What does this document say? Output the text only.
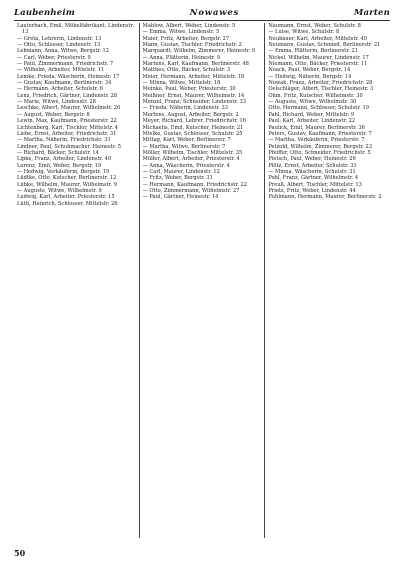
Laubenheim	Nowawes	Marten
Lauterbach, Emil, Möbelfabrikant, Lindenstr. 13
— Greta, Lehrerin, Lindenstr. 13
— Otto, Schlosser, Lindenstr. 13
Lehmann, Anna, Witwe, Bergstr. 12
— Carl, Weber, Priesterstr. 9
— Paul, Zimmermann, Friedrichstr. 7
— Wilhelm, Arbeiter, Mittelstr. 11
Lemke, Frieda, Wäscherin, Heinestr. 17
— Gustav, Kaufmann, Berlinerstr. 34
— Hermann, Arbeiter, Schulstr. 6
Lenz, Friedrich, Gärtner, Lindenstr. 28
— Marie, Witwe, Lindenstr. 28
Leschke, Albert, Maurer, Wilhelmstr. 20
— August, Weber, Bergstr. 8
Lewin, Max, Kaufmann, Priesterstr. 22
Lichtenberg, Karl, Tischler, Mittelstr. 4
Liebe, Ernst, Arbeiter, Friedrichstr. 31
— Martha, Näherin, Friedrichstr. 31
Lindner, Paul, Schuhmacher, Heinestr. 5
— Richard, Bäcker, Schulstr. 14
Lipke, Franz, Arbeiter, Lindenstr. 40
Lorenz, Emil, Weber, Bergstr. 19
— Hedwig, Verkäuferin, Bergstr. 19
Lüdtke, Otto, Kutscher, Berlinerstr. 12
Lübke, Wilhelm, Maurer, Wilhelmstr. 9
— Auguste, Witwe, Wilhelmstr. 9
Ludwig, Karl, Arbeiter, Priesterstr. 15
Lüth, Heinrich, Schlosser, Mittelstr. 26
Mahlow, Albert, Weber, Lindenstr. 5
— Emma, Witwe, Lindenstr. 5
Maier, Fritz, Arbeiter, Bergstr. 27
Mann, Gustav, Tischler, Friedrichstr. 2
Marquardt, Wilhelm, Zimmerer, Heinestr. 9
— Anna, Plätterin, Heinestr. 9
Martens, Karl, Kaufmann, Berlinerstr. 48
Matthes, Otto, Bäcker, Schulstr. 3
Meier, Hermann, Arbeiter, Mittelstr. 18
— Minna, Witwe, Mittelstr. 18
Meinke, Paul, Weber, Priesterstr. 30
Meißner, Ernst, Maurer, Wilhelmstr. 14
Menzel, Franz, Schneider, Lindenstr. 33
— Frieda, Näherin, Lindenstr. 33
Mertens, August, Arbeiter, Bergstr. 2
Meyer, Richard, Lehrer, Friedrichstr. 16
Michaelis, Emil, Kutscher, Heinestr. 21
Mielke, Gustav, Schlosser, Schulstr. 25
Mittag, Karl, Weber, Berlinerstr. 7
— Martha, Witwe, Berlinerstr. 7
Möller, Wilhelm, Tischler, Mittelstr. 35
Müller, Albert, Arbeiter, Priesterstr. 4
— Anna, Wäscherin, Priesterstr. 4
— Carl, Maurer, Lindenstr. 12
— Fritz, Weber, Bergstr. 31
— Hermann, Kaufmann, Friedrichstr. 22
— Otto, Zimmermann, Wilhelmstr. 27
— Paul, Gärtner, Heinestr. 14
Naumann, Ernst, Weber, Schulstr. 8
— Luise, Witwe, Schulstr. 8
Neubauer, Karl, Arbeiter, Mittelstr. 40
Neumann, Gustav, Schmied, Berlinerstr. 21
— Emma, Plätterin, Berlinerstr. 21
Nickel, Wilhelm, Maurer, Lindenstr. 17
Niemann, Otto, Bäcker, Priesterstr. 11
Noack, Paul, Weber, Bergstr. 14
— Hedwig, Näherin, Bergstr. 14
Nowak, Franz, Arbeiter, Friedrichstr. 28
Oelschläger, Albert, Tischler, Heinestr. 3
Ohm, Fritz, Kutscher, Wilhelmstr. 30
— Auguste, Witwe, Wilhelmstr. 30
Otto, Hermann, Schlosser, Schulstr. 19
Pahl, Richard, Weber, Mittelstr. 9
Paul, Karl, Arbeiter, Lindenstr. 22
Paulick, Emil, Maurer, Berlinerstr. 36
Peters, Gustav, Kaufmann, Priesterstr. 7
— Martha, Verkäuferin, Priesterstr. 7
Petzold, Wilhelm, Zimmerer, Bergstr. 23
Pfeiffer, Otto, Schneider, Friedrichstr. 5
Pietsch, Paul, Weber, Heinestr. 26
Plötz, Ernst, Arbeiter, Schulstr. 31
— Minna, Wäscherin, Schulstr. 31
Pohl, Franz, Gärtner, Wilhelmstr. 4
Preuß, Albert, Tischler, Mittelstr. 13
Prietz, Fritz, Weber, Lindenstr. 44
Puhlmann, Hermann, Maurer, Berlinerstr. 2
50
